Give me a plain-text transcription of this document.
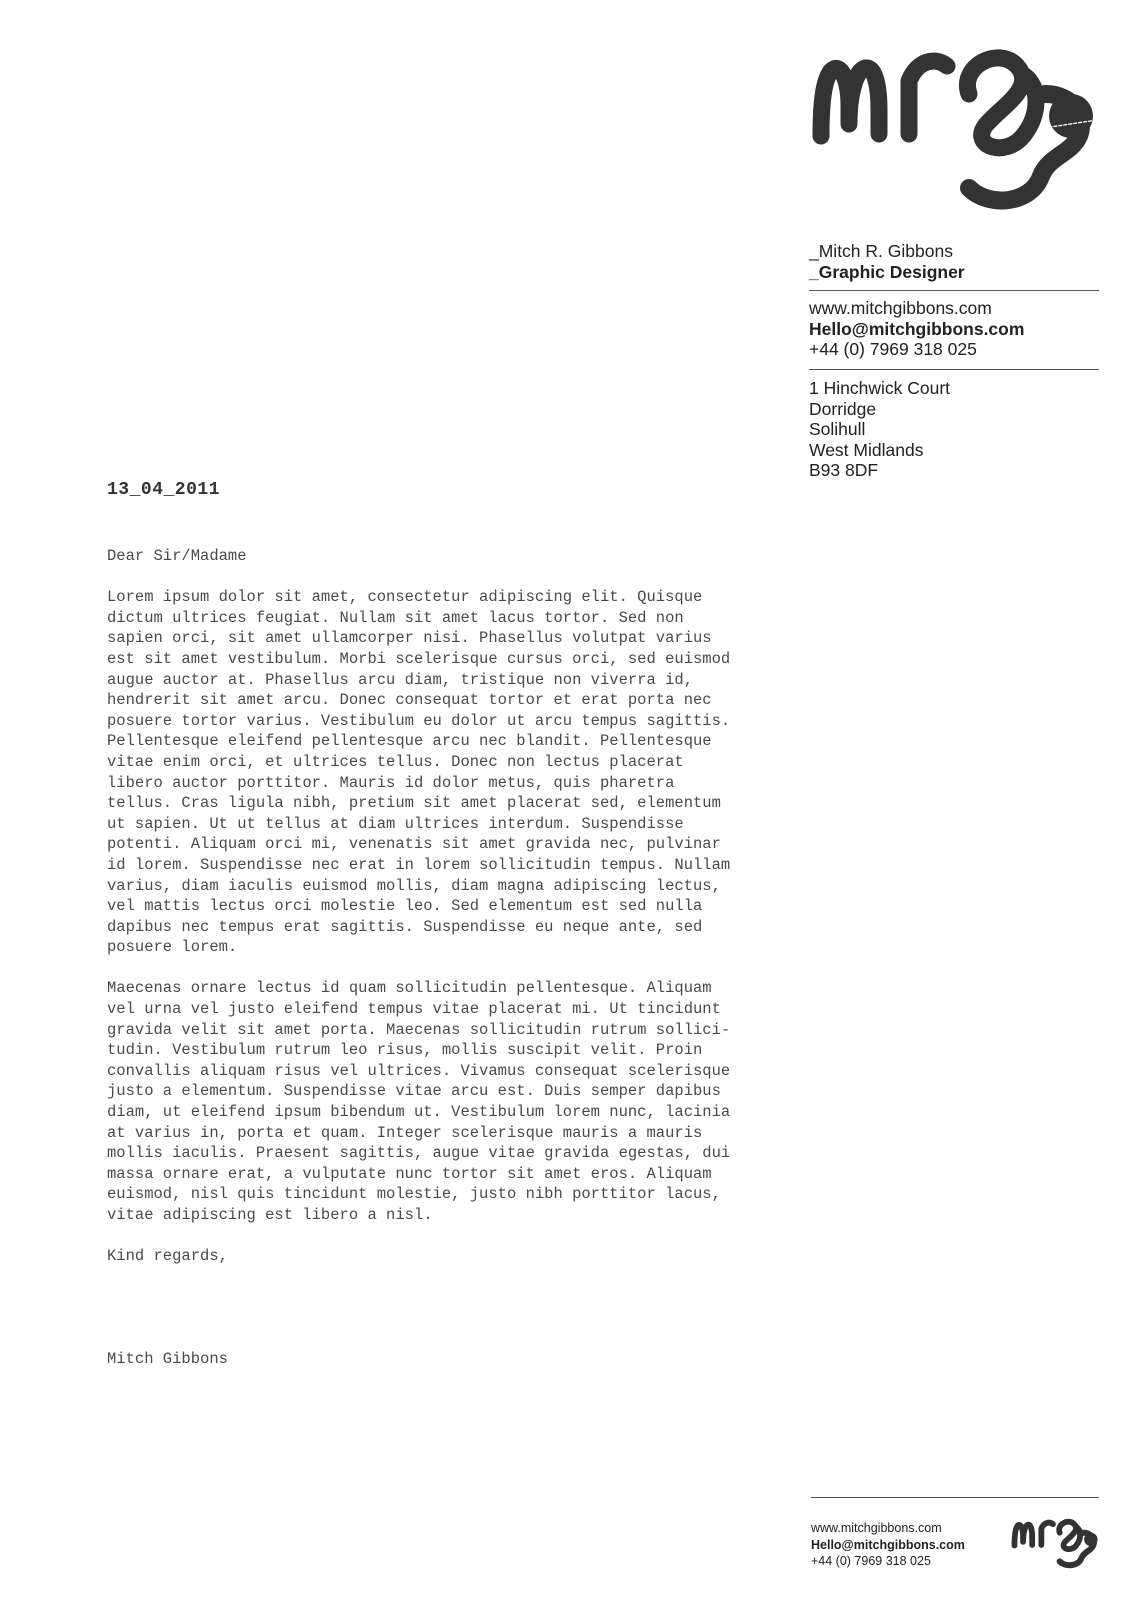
_Mitch R. Gibbons
_Graphic Designer
www.mitchgibbons.com
Hello@mitchgibbons.com
+44 (0) 7969 318 025
1 Hinchwick Court
Dorridge
Solihull
West Midlands
B93 8DF
13_04_2011

Dear Sir/Madame

Lorem ipsum dolor sit amet, consectetur adipiscing elit. Quisque
dictum ultrices feugiat. Nullam sit amet lacus tortor. Sed non
sapien orci, sit amet ullamcorper nisi. Phasellus volutpat varius
est sit amet vestibulum. Morbi scelerisque cursus orci, sed euismod
augue auctor at. Phasellus arcu diam, tristique non viverra id,
hendrerit sit amet arcu. Donec consequat tortor et erat porta nec
posuere tortor varius. Vestibulum eu dolor ut arcu tempus sagittis.
Pellentesque eleifend pellentesque arcu nec blandit. Pellentesque
vitae enim orci, et ultrices tellus. Donec non lectus placerat
libero auctor porttitor. Mauris id dolor metus, quis pharetra
tellus. Cras ligula nibh, pretium sit amet placerat sed, elementum
ut sapien. Ut ut tellus at diam ultrices interdum. Suspendisse
potenti. Aliquam orci mi, venenatis sit amet gravida nec, pulvinar
id lorem. Suspendisse nec erat in lorem sollicitudin tempus. Nullam
varius, diam iaculis euismod mollis, diam magna adipiscing lectus,
vel mattis lectus orci molestie leo. Sed elementum est sed nulla
dapibus nec tempus erat sagittis. Suspendisse eu neque ante, sed
posuere lorem.
Maecenas ornare lectus id quam sollicitudin pellentesque. Aliquam
vel urna vel justo eleifend tempus vitae placerat mi. Ut tincidunt
gravida velit sit amet porta. Maecenas sollicitudin rutrum sollici-
tudin. Vestibulum rutrum leo risus, mollis suscipit velit. Proin
convallis aliquam risus vel ultrices. Vivamus consequat scelerisque
justo a elementum. Suspendisse vitae arcu est. Duis semper dapibus
diam, ut eleifend ipsum bibendum ut. Vestibulum lorem nunc, lacinia
at varius in, porta et quam. Integer scelerisque mauris a mauris
mollis iaculis. Praesent sagittis, augue vitae gravida egestas, dui
massa ornare erat, a vulputate nunc tortor sit amet eros. Aliquam
euismod, nisl quis tincidunt molestie, justo nibh porttitor lacus,
vitae adipiscing est libero a nisl.

Kind regards,

Mitch Gibbons

www.mitchgibbons.com
Hello@mitchgibbons.com
+44 (0) 7969 318 025
